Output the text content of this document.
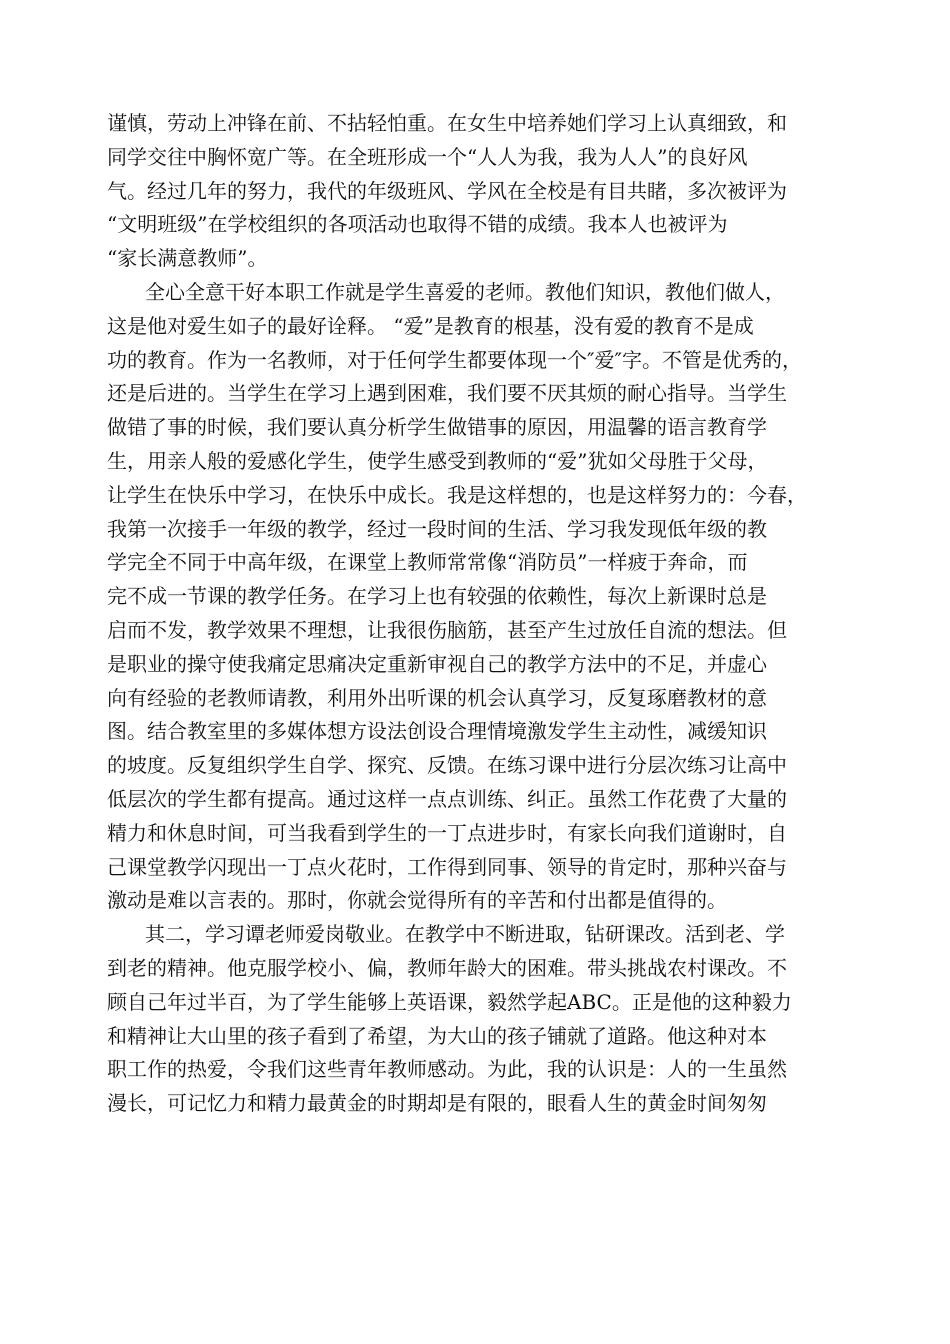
谨慎，劳动上冲锋在前、不拈轻怕重。在女生中培养她们学习上认真细致，和
同学交往中胸怀宽广等。在全班形成一个“人人为我，我为人人”的良好风
气。经过几年的努力，我代的年级班风、学风在全校是有目共睹，多次被评为
“文明班级”在学校组织的各项活动也取得不错的成绩。我本人也被评为
“家长满意教师”。

全心全意干好本职工作就是学生喜爱的老师。教他们知识，教他们做人，
这是他对爱生如子的最好诠释。 “爱”是教育的根基，没有爱的教育不是成
功的教育。作为一名教师，对于任何学生都要体现一个″爱″字。不管是优秀的，
还是后进的。当学生在学习上遇到困难，我们要不厌其烦的耐心指导。当学生
做错了事的时候，我们要认真分析学生做错事的原因，用温馨的语言教育学
生，用亲人般的爱感化学生，使学生感受到教师的“爱”犹如父母胜于父母，
让学生在快乐中学习，在快乐中成长。我是这样想的，也是这样努力的：今春，
我第一次接手一年级的教学，经过一段时间的生活、学习我发现低年级的教
学完全不同于中高年级，在课堂上教师常常像“消防员”一样疲于奔命，而
完不成一节课的教学任务。在学习上也有较强的依赖性，每次上新课时总是
启而不发，教学效果不理想，让我很伤脑筋，甚至产生过放任自流的想法。但
是职业的操守使我痛定思痛决定重新审视自己的教学方法中的不足，并虚心
向有经验的老教师请教，利用外出听课的机会认真学习，反复琢磨教材的意
图。结合教室里的多媒体想方设法创设合理情境激发学生主动性，减缓知识
的坡度。反复组织学生自学、探究、反馈。在练习课中进行分层次练习让高中
低层次的学生都有提高。通过这样一点点训练、纠正。虽然工作花费了大量的
精力和休息时间，可当我看到学生的一丁点进步时，有家长向我们道谢时，自
己课堂教学闪现出一丁点火花时，工作得到同事、领导的肯定时，那种兴奋与
激动是难以言表的。那时，你就会觉得所有的辛苦和付出都是值得的。

其二，学习谭老师爱岗敬业。在教学中不断进取，钻研课改。活到老、学
到老的精神。他克服学校小、偏，教师年龄大的困难。带头挑战农村课改。不
顾自己年过半百，为了学生能够上英语课，毅然学起ABC。正是他的这种毅力
和精神让大山里的孩子看到了希望，为大山的孩子铺就了道路。他这种对本
职工作的热爱，令我们这些青年教师感动。为此，我的认识是：人的一生虽然
漫长，可记忆力和精力最黄金的时期却是有限的，眼看人生的黄金时间匆匆
